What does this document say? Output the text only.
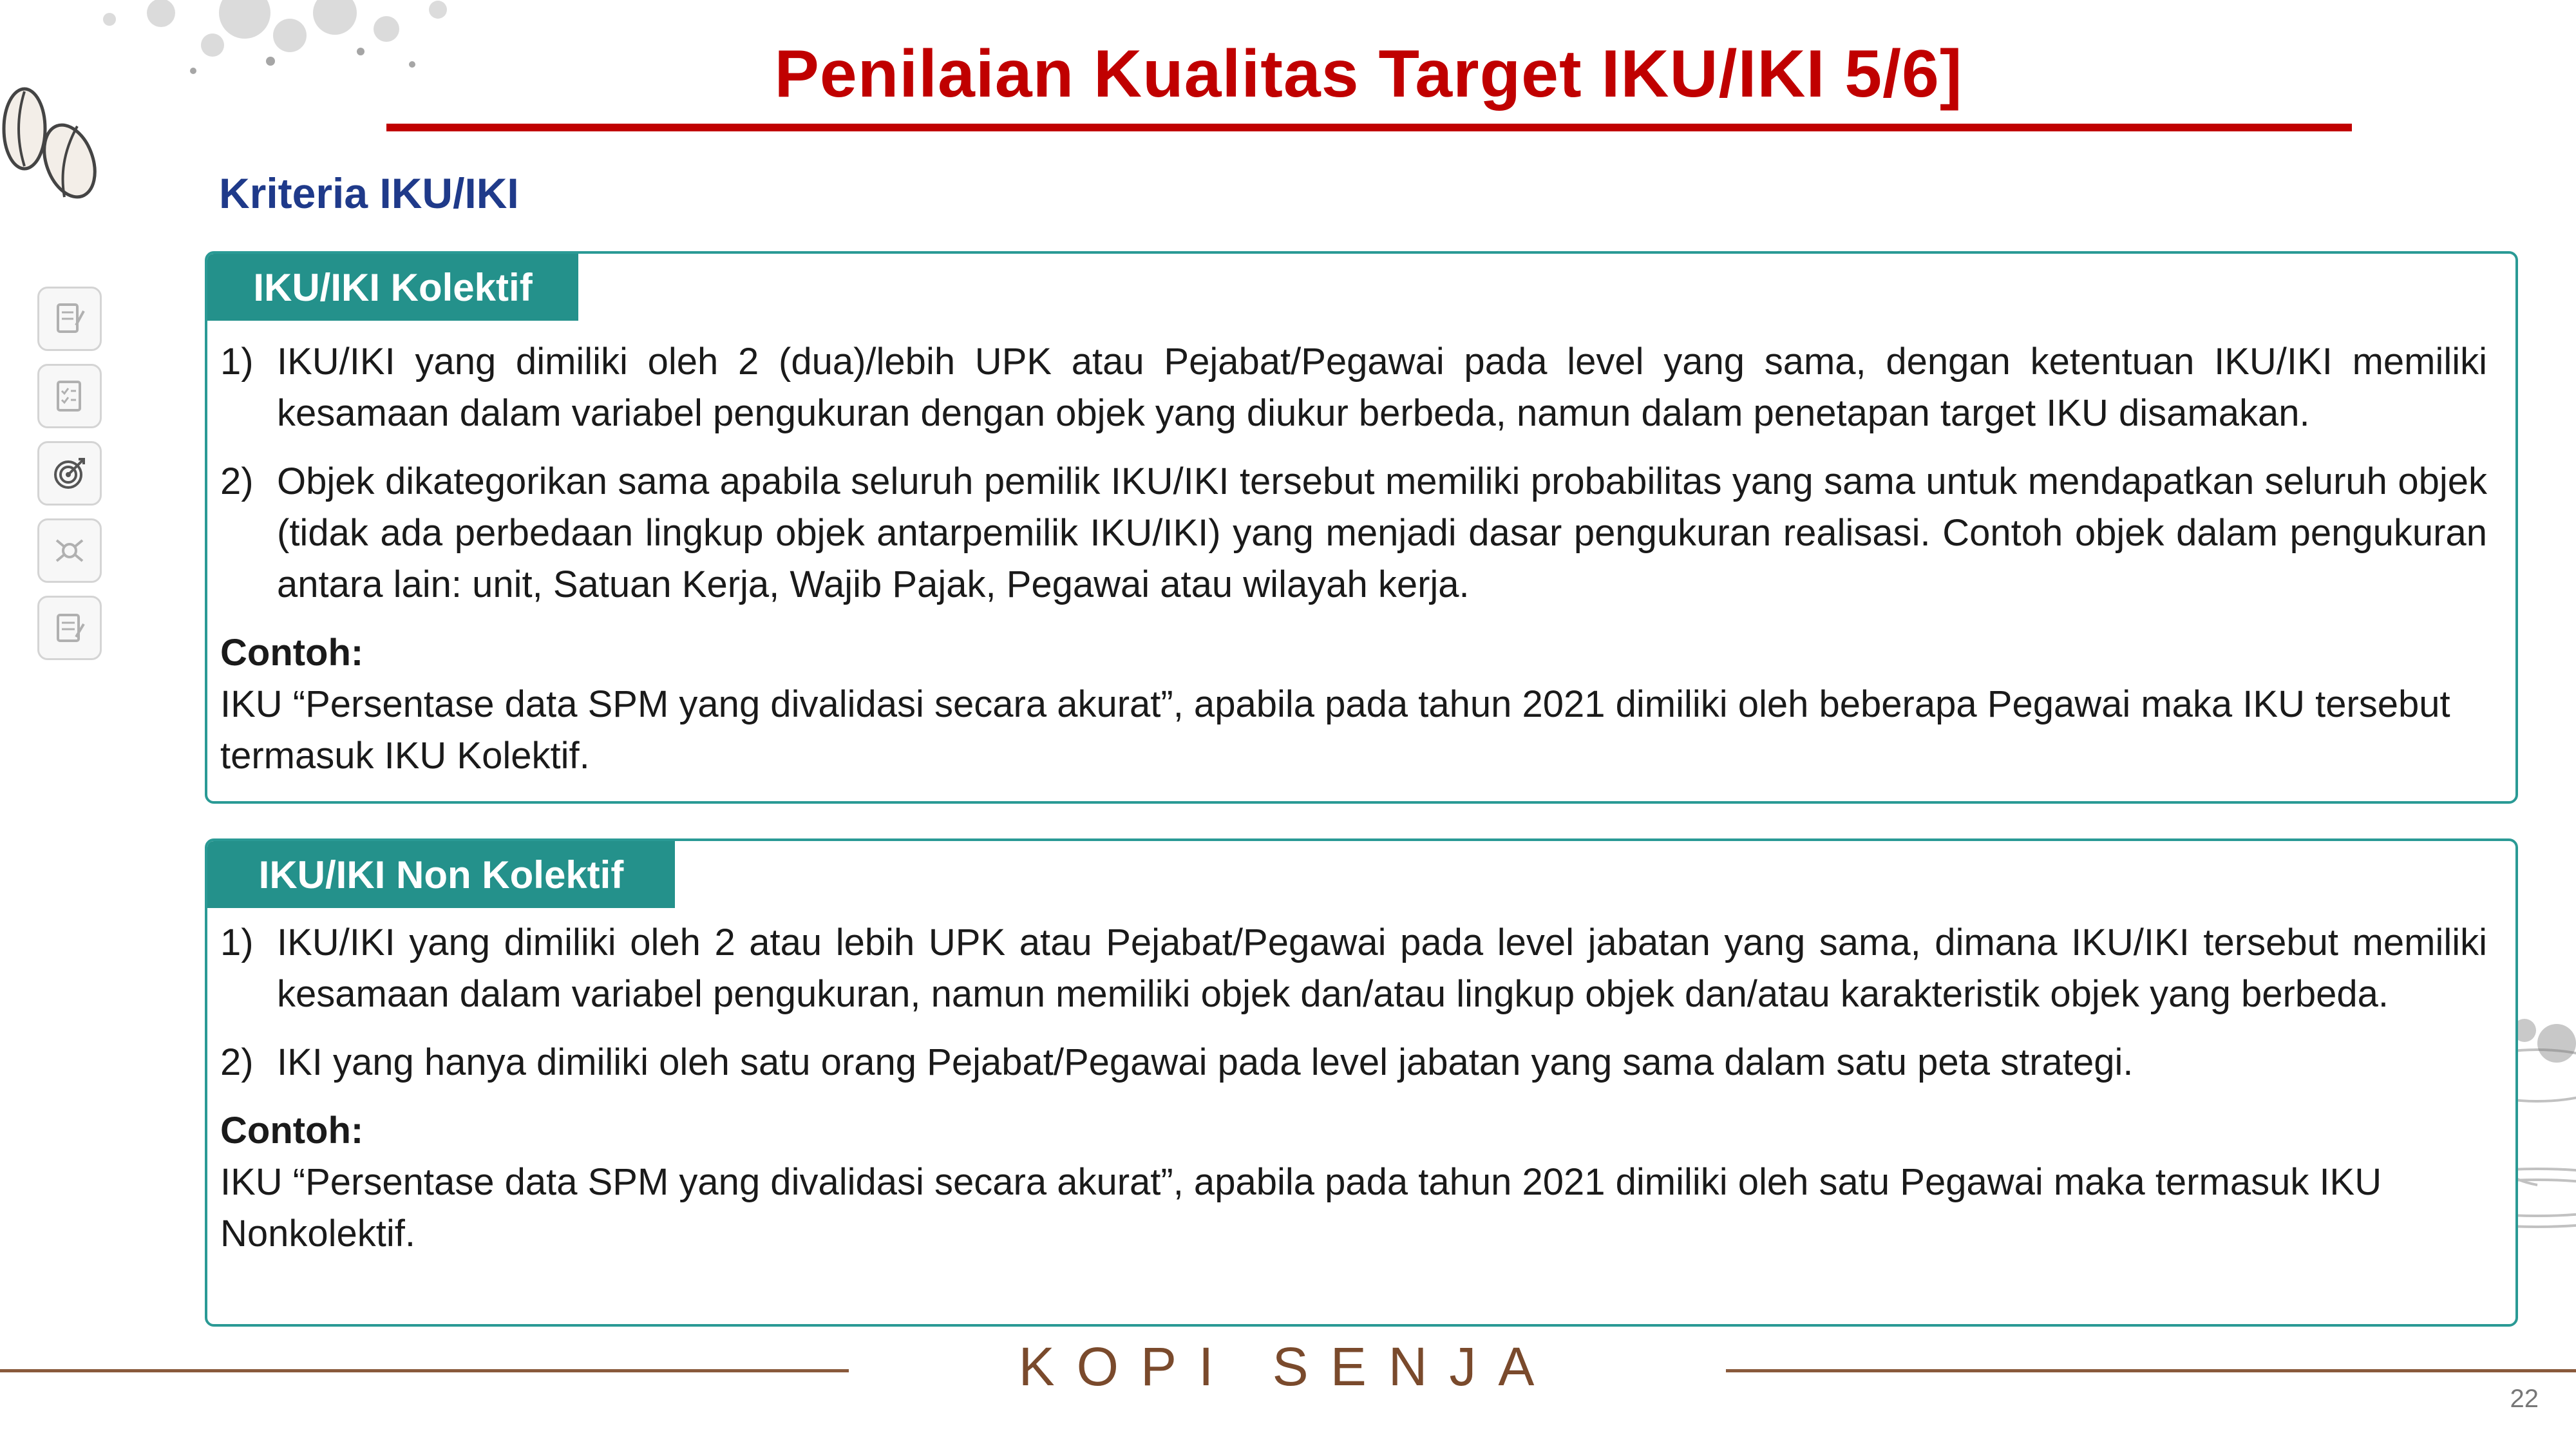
Penilaian Kualitas Target IKU/IKI 5/6]
Kriteria IKU/IKI
IKU/IKI Kolektif
1) IKU/IKI yang dimiliki oleh 2 (dua)/lebih UPK atau Pejabat/Pegawai pada level yang sama, dengan ketentuan IKU/IKI memiliki kesamaan dalam variabel pengukuran dengan objek yang diukur berbeda, namun dalam penetapan target IKU disamakan.
2) Objek dikategorikan sama apabila seluruh pemilik IKU/IKI tersebut memiliki probabilitas yang sama untuk mendapatkan seluruh objek (tidak ada perbedaan lingkup objek antarpemilik IKU/IKI) yang menjadi dasar pengukuran realisasi. Contoh objek dalam pengukuran antara lain: unit, Satuan Kerja, Wajib Pajak, Pegawai atau wilayah kerja.
Contoh:
IKU “Persentase data SPM yang divalidasi secara akurat”, apabila pada tahun 2021 dimiliki oleh beberapa Pegawai maka IKU tersebut termasuk IKU Kolektif.
IKU/IKI Non Kolektif
1) IKU/IKI yang dimiliki oleh 2 atau lebih UPK atau Pejabat/Pegawai pada level jabatan yang sama, dimana IKU/IKI tersebut memiliki kesamaan dalam variabel pengukuran, namun memiliki objek dan/atau lingkup objek dan/atau karakteristik objek yang berbeda.
2) IKI yang hanya dimiliki oleh satu orang Pejabat/Pegawai pada level jabatan yang sama dalam satu peta strategi.
Contoh:
IKU “Persentase data SPM yang divalidasi secara akurat”, apabila pada tahun 2021 dimiliki oleh satu Pegawai maka termasuk IKU Nonkolektif.
KOPI SENJA
22
